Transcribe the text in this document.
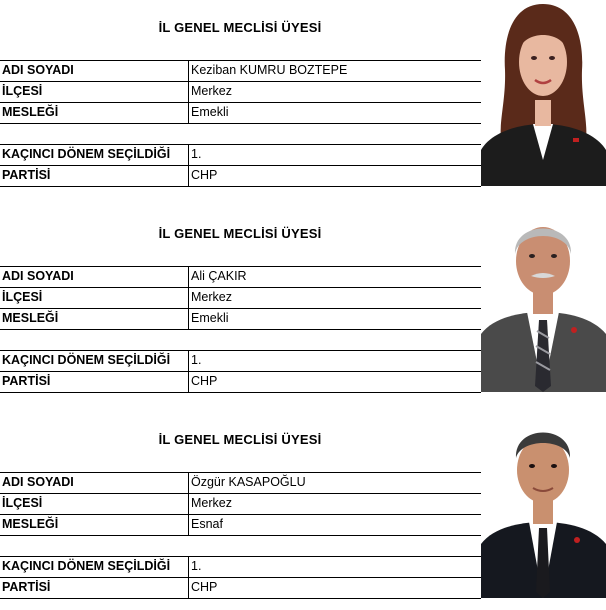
İL GENEL MECLİSİ ÜYESİ
ADI SOYADI	Keziban KUMRU BOZTEPE
İLÇESİ	Merkez
MESLEĞİ	Emekli
KAÇINCI DÖNEM SEÇİLDİĞİ 1.
PARTİSİ	CHP
İL GENEL MECLİSİ ÜYESİ
ADI SOYADI	Ali ÇAKIR
İLÇESİ	Merkez
MESLEĞİ	Emekli
KAÇINCI DÖNEM SEÇİLDİĞİ 1.
PARTİSİ	CHP
İL GENEL MECLİSİ ÜYESİ
ADI SOYADI	Özgür KASAPOĞLU
İLÇESİ	Merkez
MESLEĞİ	Esnaf
KAÇINCI DÖNEM SEÇİLDİĞİ 1.
PARTİSİ	CHP
